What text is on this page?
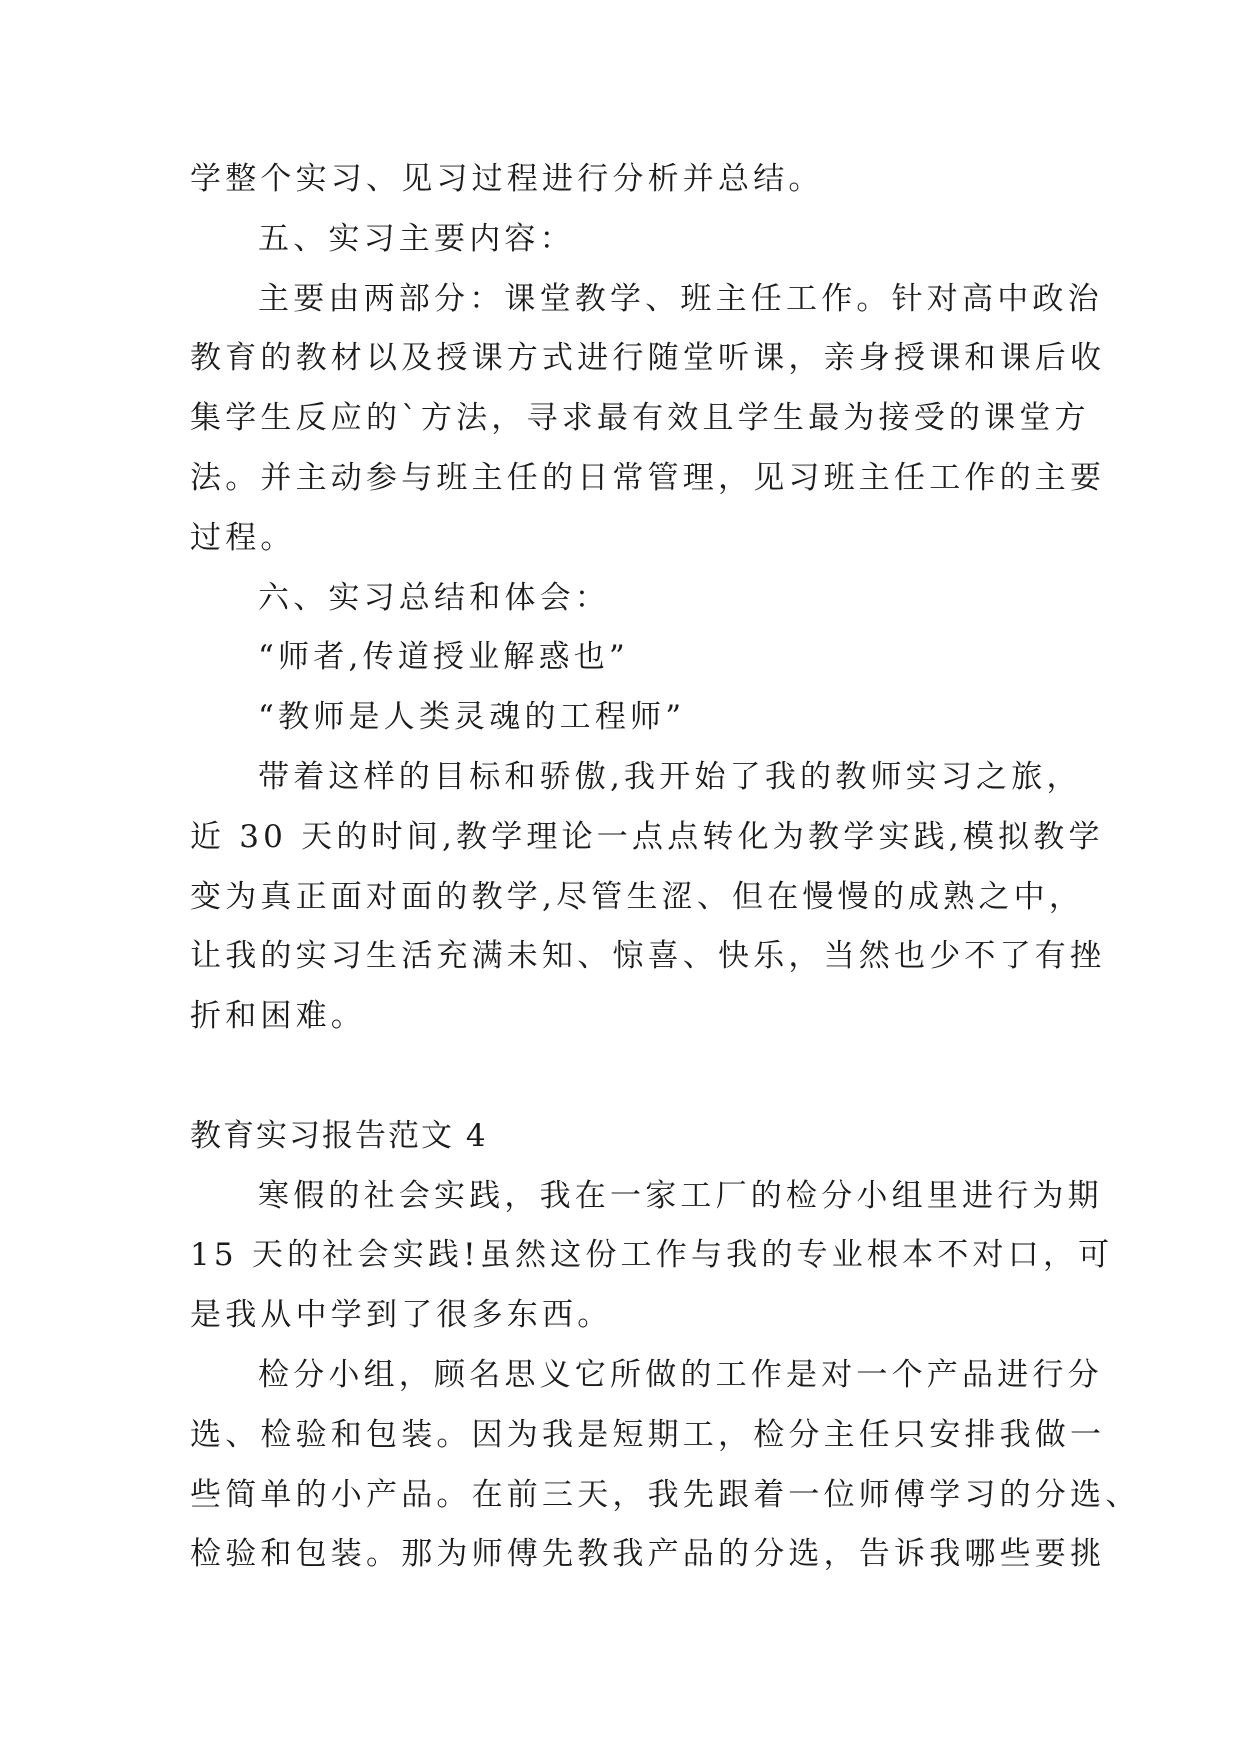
学整个实习、见习过程进行分析并总结。
五、实习主要内容：
主要由两部分：课堂教学、班主任工作。针对高中政治
教育的教材以及授课方式进行随堂听课，亲身授课和课后收
集学生反应的`方法，寻求最有效且学生最为接受的课堂方
法。并主动参与班主任的日常管理，见习班主任工作的主要
过程。
六、实习总结和体会：
“师者,传道授业解惑也”
“教师是人类灵魂的工程师”
带着这样的目标和骄傲,我开始了我的教师实习之旅，
近 30 天的时间,教学理论一点点转化为教学实践,模拟教学
变为真正面对面的教学,尽管生涩、但在慢慢的成熟之中，
让我的实习生活充满未知、惊喜、快乐，当然也少不了有挫
折和困难。
教育实习报告范文 4
寒假的社会实践，我在一家工厂的检分小组里进行为期
15 天的社会实践!虽然这份工作与我的专业根本不对口，可
是我从中学到了很多东西。
检分小组，顾名思义它所做的工作是对一个产品进行分
选、检验和包装。因为我是短期工，检分主任只安排我做一
些简单的小产品。在前三天，我先跟着一位师傅学习的分选、
检验和包装。那为师傅先教我产品的分选，告诉我哪些要挑
